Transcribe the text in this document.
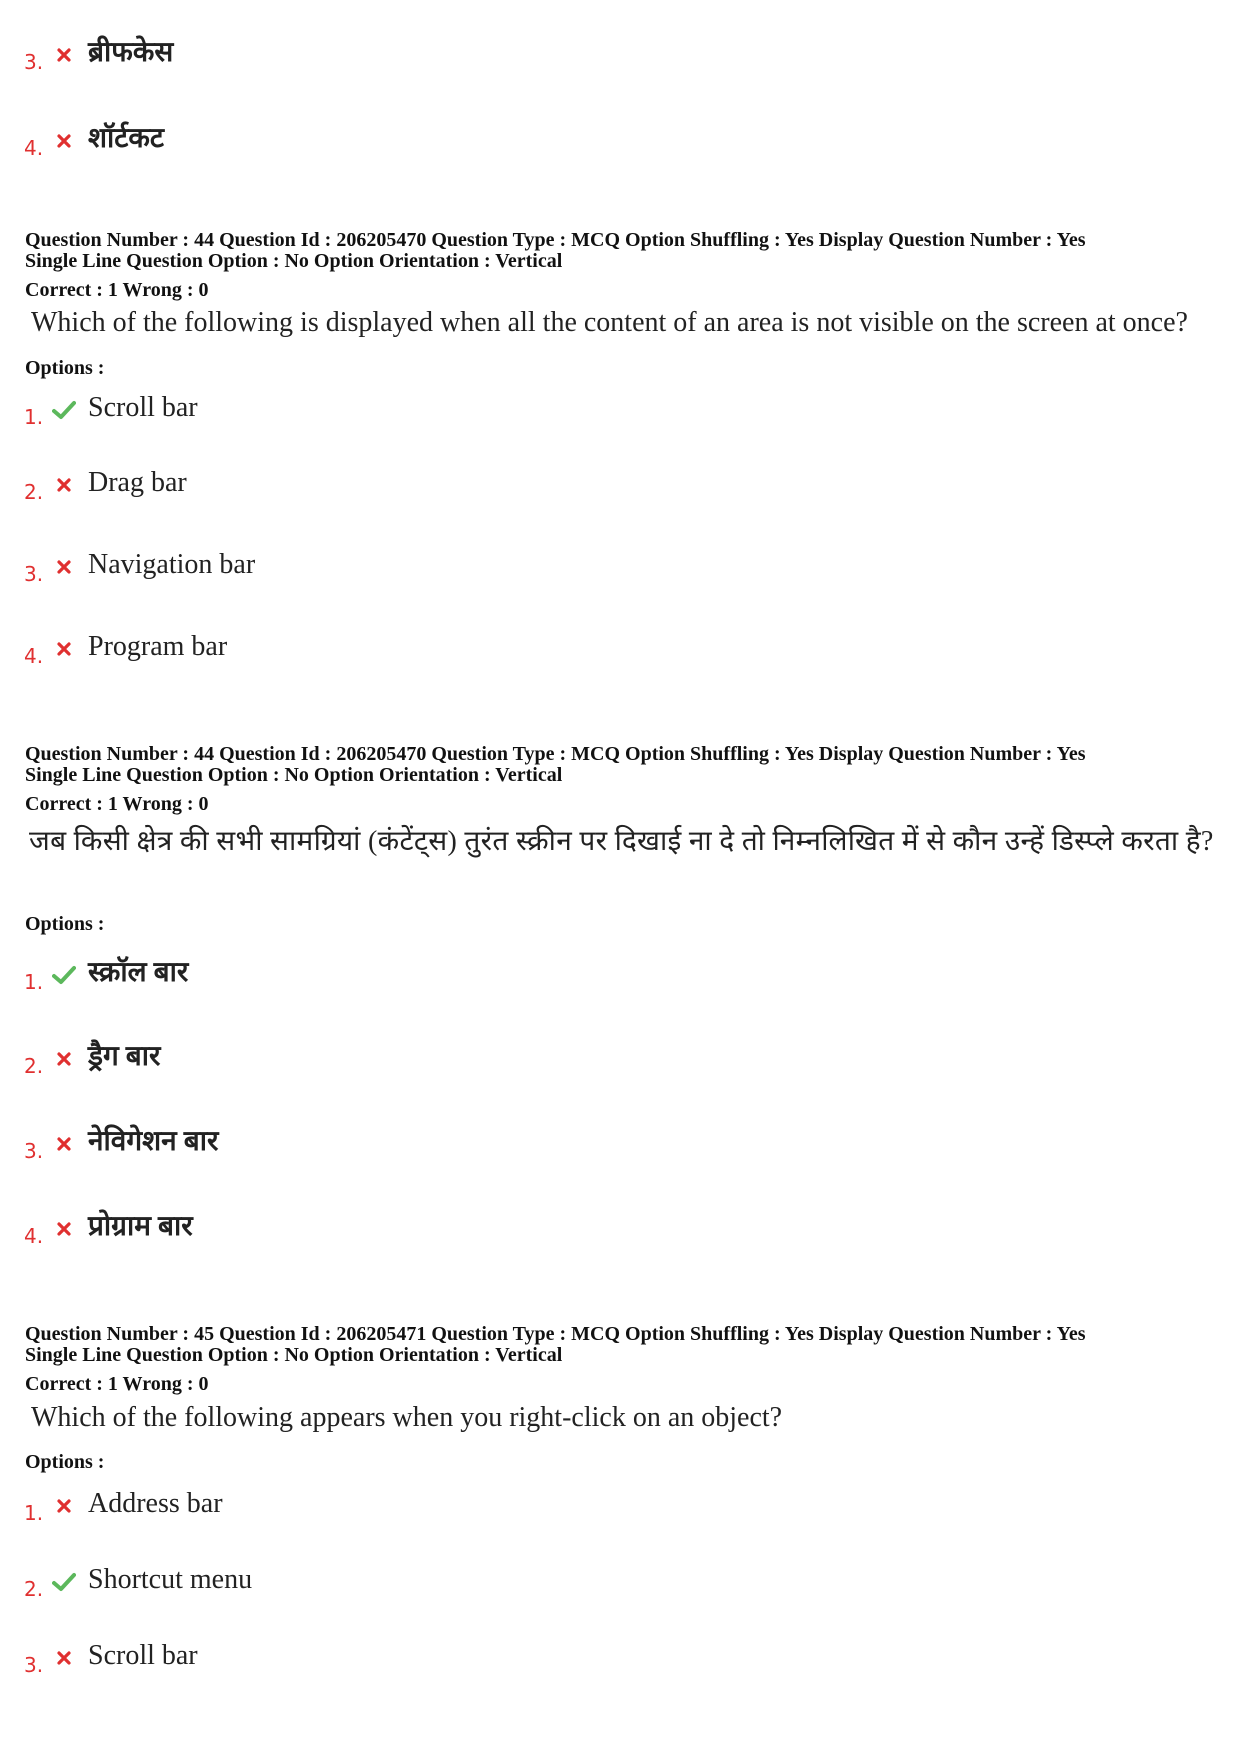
3. ब्रीफकेस
4. शॉर्टकट
Question Number : 44 Question Id : 206205470 Question Type : MCQ Option Shuffling : Yes Display Question Number : Yes
Single Line Question Option : No Option Orientation : Vertical
Correct : 1 Wrong : 0
Which of the following is displayed when all the content of an area is not visible on the screen at once?
Options :
1. Scroll bar
2. Drag bar
3. Navigation bar
4. Program bar
Question Number : 44 Question Id : 206205470 Question Type : MCQ Option Shuffling : Yes Display Question Number : Yes
Single Line Question Option : No Option Orientation : Vertical
Correct : 1 Wrong : 0
जब किसी क्षेत्र की सभी सामग्रियां (कंटेंट्स) तुरंत स्क्रीन पर दिखाई ना दे तो निम्नलिखित में से कौन उन्हें डिस्प्ले करता है?
Options :
1. स्क्रॉल बार
2. ड्रैग बार
3. नेविगेशन बार
4. प्रोग्राम बार
Question Number : 45 Question Id : 206205471 Question Type : MCQ Option Shuffling : Yes Display Question Number : Yes
Single Line Question Option : No Option Orientation : Vertical
Correct : 1 Wrong : 0
Which of the following appears when you right-click on an object?
Options :
1. Address bar
2. Shortcut menu
3. Scroll bar
